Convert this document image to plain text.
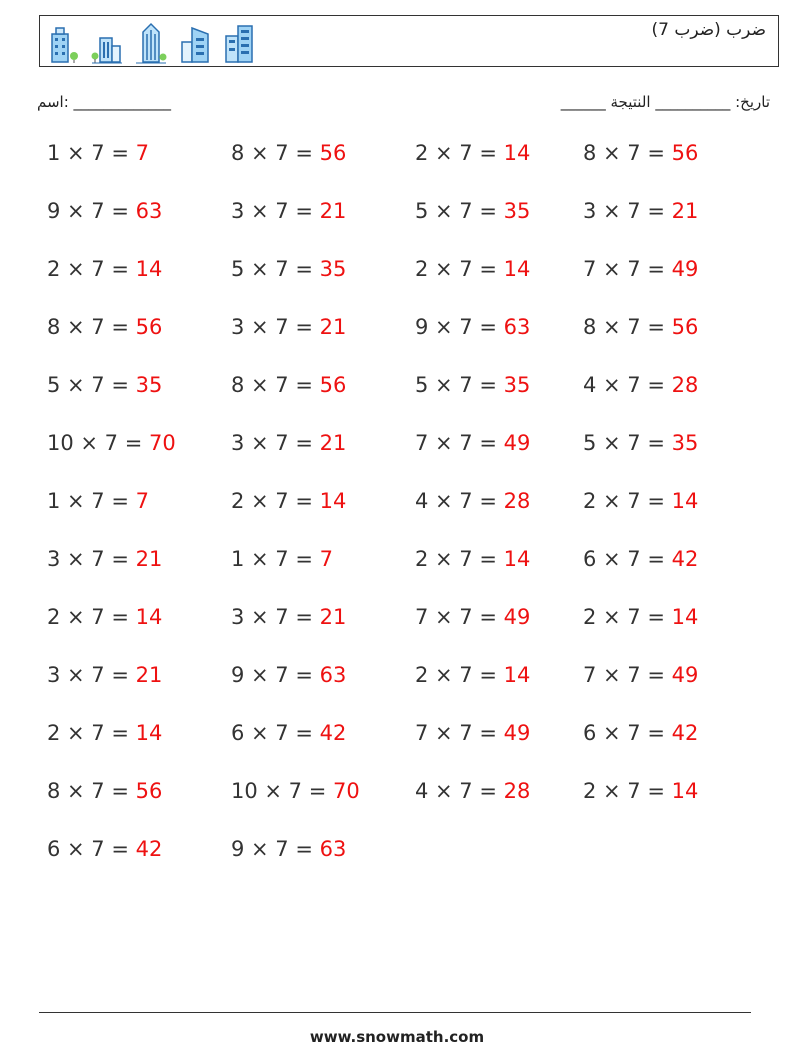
ضرب (ضرب 7)
اسم: _____________	تاريخ: __________ النتيجة ______
1 × 7 = 7	8 × 7 = 56	2 × 7 = 14	8 × 7 = 56
9 × 7 = 63	3 × 7 = 21	5 × 7 = 35	3 × 7 = 21
2 × 7 = 14	5 × 7 = 35	2 × 7 = 14	7 × 7 = 49
8 × 7 = 56	3 × 7 = 21	9 × 7 = 63	8 × 7 = 56
5 × 7 = 35	8 × 7 = 56	5 × 7 = 35	4 × 7 = 28
10 × 7 = 70	3 × 7 = 21	7 × 7 = 49	5 × 7 = 35
1 × 7 = 7	2 × 7 = 14	4 × 7 = 28	2 × 7 = 14
3 × 7 = 21	1 × 7 = 7	2 × 7 = 14	6 × 7 = 42
2 × 7 = 14	3 × 7 = 21	7 × 7 = 49	2 × 7 = 14
3 × 7 = 21	9 × 7 = 63	2 × 7 = 14	7 × 7 = 49
2 × 7 = 14	6 × 7 = 42	7 × 7 = 49	6 × 7 = 42
8 × 7 = 56	10 × 7 = 70	4 × 7 = 28	2 × 7 = 14
6 × 7 = 42	9 × 7 = 63
www.snowmath.com
